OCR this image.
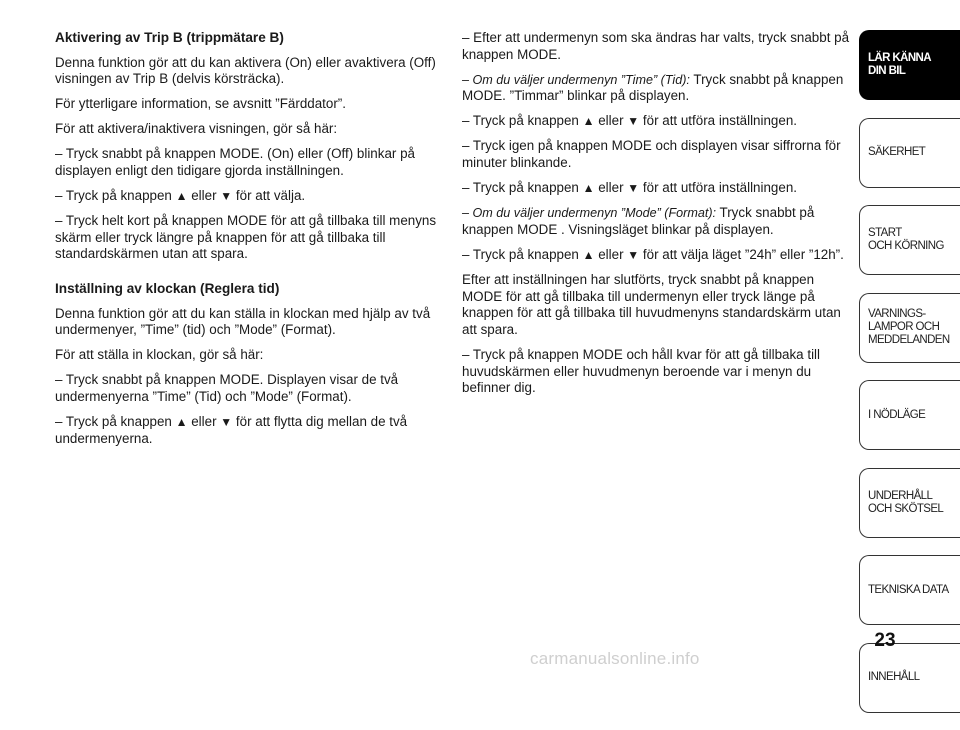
Aktivering av Trip B (trippmätare B)

Denna funktion gör att du kan aktivera (On) eller avaktivera (Off) visningen av Trip B (delvis körsträcka).

För ytterligare information, se avsnitt ”Färddator”.

För att aktivera/inaktivera visningen, gör så här:

– Tryck snabbt på knappen MODE. (On) eller (Off) blinkar på displayen enligt den tidigare gjorda inställningen.

– Tryck på knappen ▲ eller ▼ för att välja.

– Tryck helt kort på knappen MODE för att gå tillbaka till menyns skärm eller tryck längre på knappen för att gå tillbaka till standardskärmen utan att spara.

Inställning av klockan (Reglera tid)

Denna funktion gör att du kan ställa in klockan med hjälp av två undermenyer, ”Time” (tid) och ”Mode” (Format).

För att ställa in klockan, gör så här:

– Tryck snabbt på knappen MODE. Displayen visar de två undermenyerna ”Time” (Tid) och ”Mode” (Format).

– Tryck på knappen ▲ eller ▼ för att flytta dig mellan de två undermenyerna.

– Efter att undermenyn som ska ändras har valts, tryck snabbt på knappen MODE.

– Om du väljer undermenyn ”Time” (Tid): Tryck snabbt på knappen MODE. ”Timmar” blinkar på displayen.

– Tryck på knappen ▲ eller ▼ för att utföra inställningen.

– Tryck igen på knappen MODE och displayen visar siffrorna för minuter blinkande.

– Tryck på knappen ▲ eller ▼ för att utföra inställningen.

– Om du väljer undermenyn ”Mode” (Format): Tryck snabbt på knappen MODE . Visningsläget blinkar på displayen.

– Tryck på knappen ▲ eller ▼ för att välja läget ”24h” eller ”12h”.

Efter att inställningen har slutförts, tryck snabbt på knappen MODE för att gå tillbaka till undermenyn eller tryck länge på knappen för att gå tillbaka till huvudmenyns standardskärm utan att spara.

– Tryck på knappen MODE och håll kvar för att gå tillbaka till huvudskärmen eller huvudmenyn beroende var i menyn du befinner dig.

LÄR KÄNNA
DIN BIL
SÄKERHET
START
OCH KÖRNING
VARNINGS-
LAMPOR OCH
MEDDELANDEN
I NÖDLÄGE
UNDERHÅLL
OCH SKÖTSEL
TEKNISKA DATA
INNEHÅLL
23
carmanualsonline.info
